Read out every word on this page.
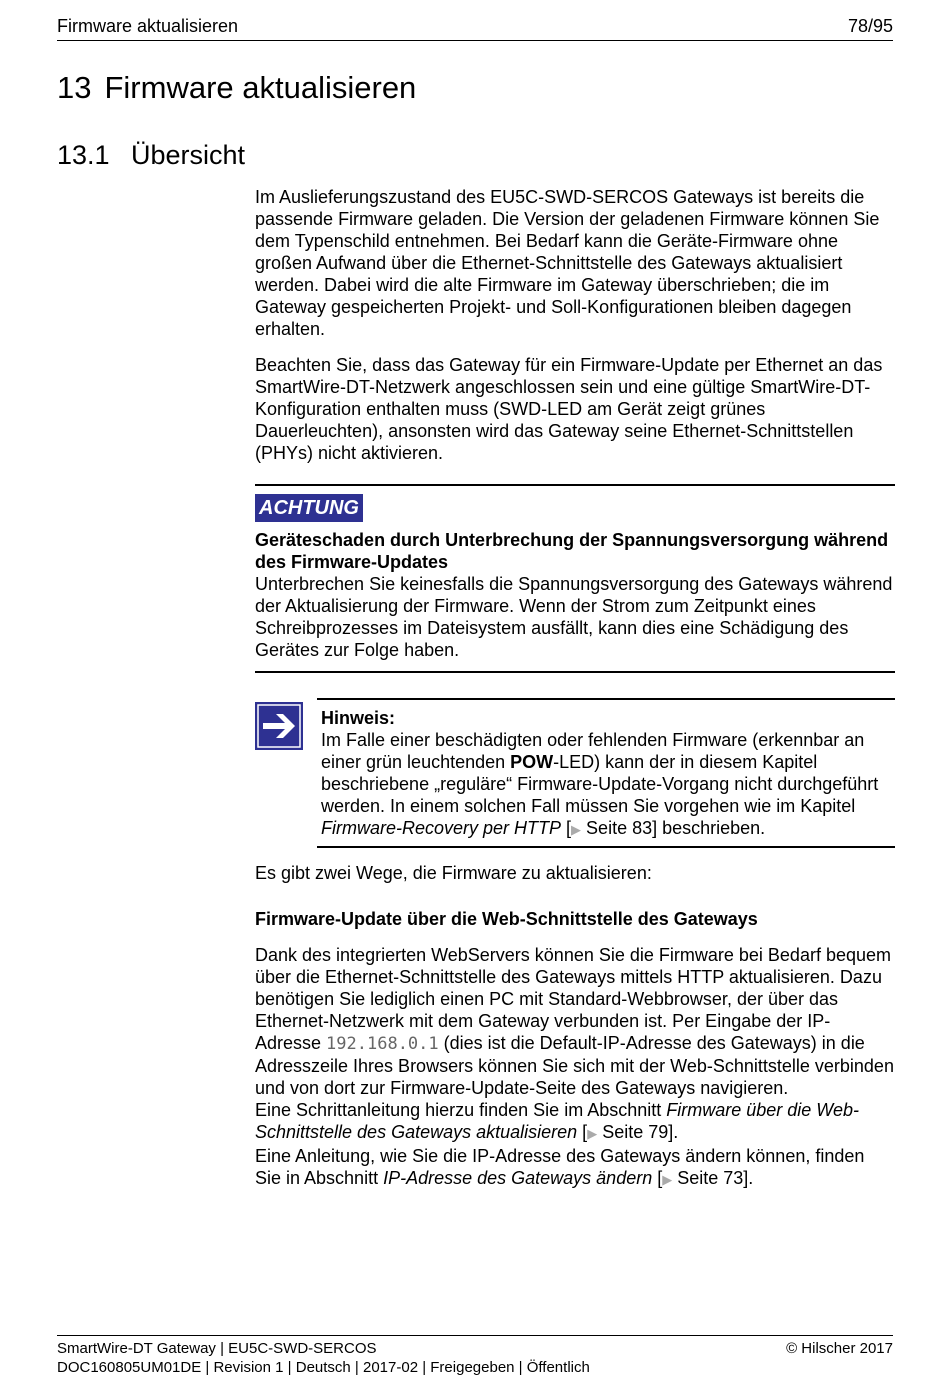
Firmware aktualisieren	78/95
13 Firmware aktualisieren
13.1 Übersicht

Im Auslieferungszustand des EU5C-SWD-SERCOS Gateways ist bereits die passende Firmware geladen. Die Version der geladenen Firmware können Sie dem Typenschild entnehmen. Bei Bedarf kann die Geräte-Firmware ohne großen Aufwand über die Ethernet-Schnittstelle des Gateways aktualisiert werden. Dabei wird die alte Firmware im Gateway überschrieben; die im Gateway gespeicherten Projekt- und Soll-Konfigurationen bleiben dagegen erhalten.

Beachten Sie, dass das Gateway für ein Firmware-Update per Ethernet an das SmartWire-DT-Netzwerk angeschlossen sein und eine gültige SmartWire-DT-Konfiguration enthalten muss (SWD-LED am Gerät zeigt grünes Dauerleuchten), ansonsten wird das Gateway seine Ethernet-Schnittstellen (PHYs) nicht aktivieren.

ACHTUNG
Geräteschaden durch Unterbrechung der Spannungsversorgung während des Firmware-Updates
Unterbrechen Sie keinesfalls die Spannungsversorgung des Gateways während der Aktualisierung der Firmware. Wenn der Strom zum Zeitpunkt eines Schreibprozesses im Dateisystem ausfällt, kann dies eine Schädigung des Gerätes zur Folge haben.
Hinweis:
Im Falle einer beschädigten oder fehlenden Firmware (erkennbar an einer grün leuchtenden POW-LED) kann der in diesem Kapitel beschriebene „reguläre“ Firmware-Update-Vorgang nicht durchgeführt werden. In einem solchen Fall müssen Sie vorgehen wie im Kapitel Firmware-Recovery per HTTP [▶ Seite 83] beschrieben.

Es gibt zwei Wege, die Firmware zu aktualisieren:

Firmware-Update über die Web-Schnittstelle des Gateways

Dank des integrierten WebServers können Sie die Firmware bei Bedarf bequem über die Ethernet-Schnittstelle des Gateways mittels HTTP aktualisieren. Dazu benötigen Sie lediglich einen PC mit Standard-Webbrowser, der über das Ethernet-Netzwerk mit dem Gateway verbunden ist. Per Eingabe der IP-Adresse 192.168.0.1 (dies ist die Default-IP-Adresse des Gateways) in die Adresszeile Ihres Browsers können Sie sich mit der Web-Schnittstelle verbinden und von dort zur Firmware-Update-Seite des Gateways navigieren.
Eine Schrittanleitung hierzu finden Sie im Abschnitt Firmware über die Web-Schnittstelle des Gateways aktualisieren [▶ Seite 79].
Eine Anleitung, wie Sie die IP-Adresse des Gateways ändern können, finden Sie in Abschnitt IP-Adresse des Gateways ändern [▶ Seite 73].

SmartWire-DT Gateway | EU5C-SWD-SERCOS	© Hilscher 2017
DOC160805UM01DE | Revision 1 | Deutsch | 2017-02 | Freigegeben | Öffentlich
